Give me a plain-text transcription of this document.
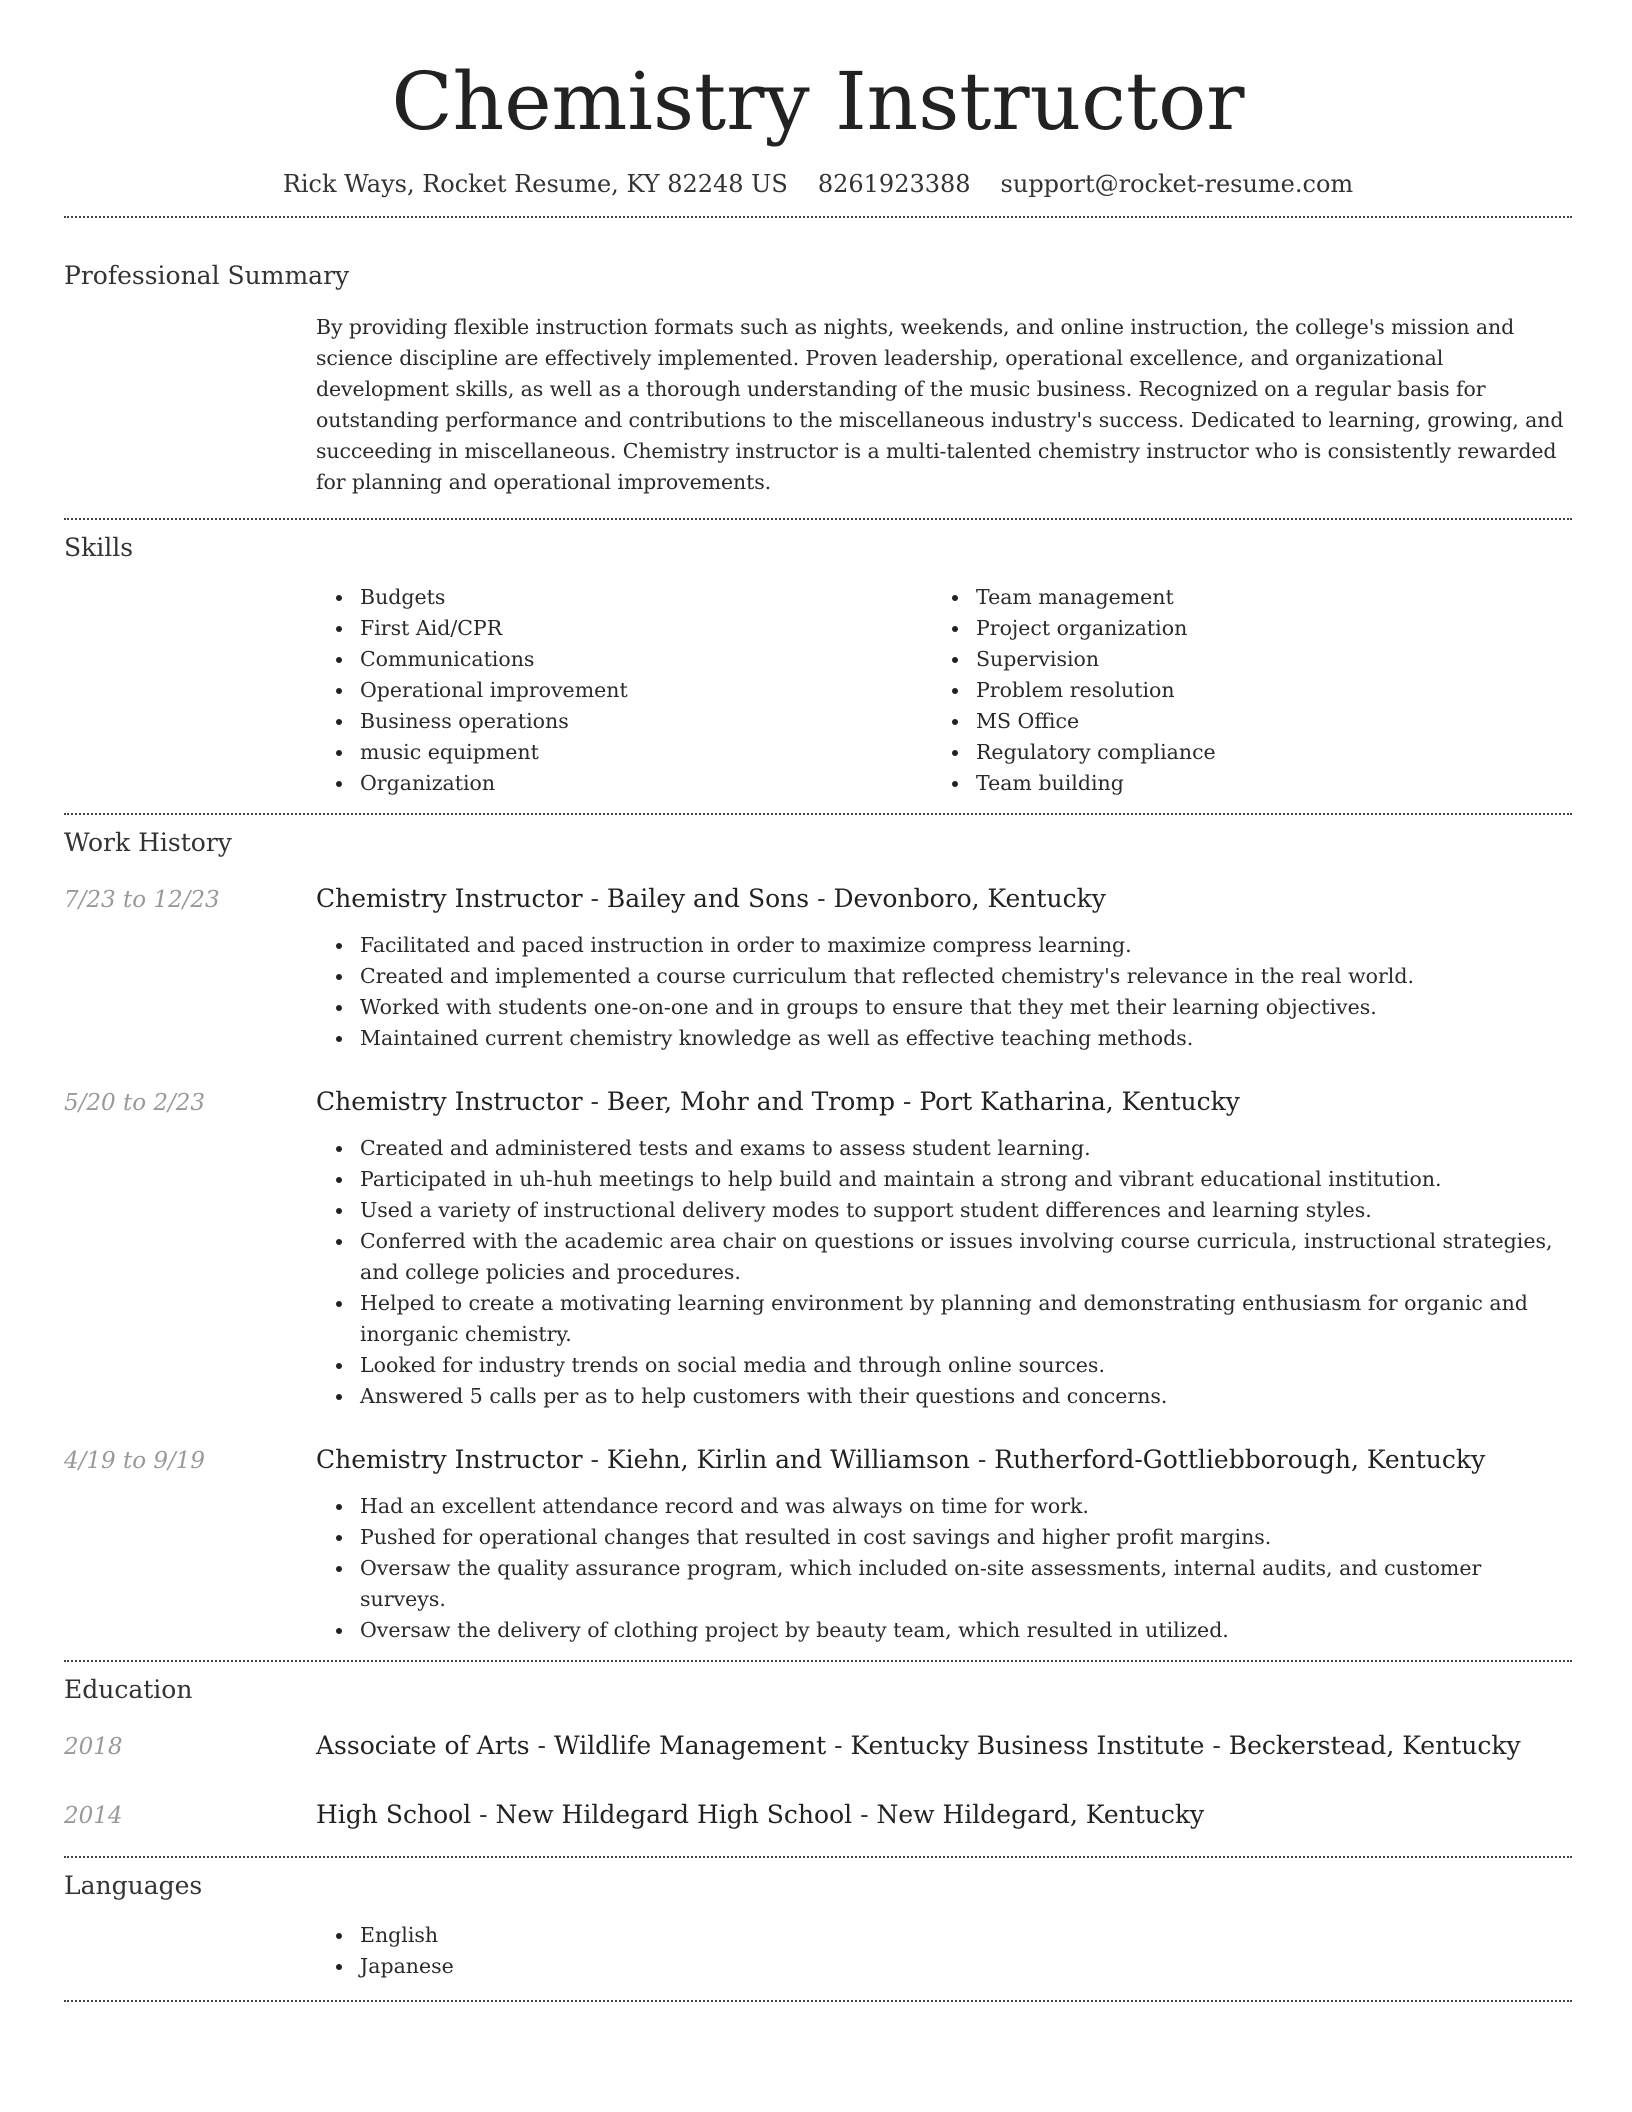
Chemistry Instructor
Rick Ways, Rocket Resume, KY 82248 US 8261923388 support@rocket-resume.com
Professional Summary
By providing flexible instruction formats such as nights, weekends, and online instruction, the college's mission and science discipline are effectively implemented. Proven leadership, operational excellence, and organizational development skills, as well as a thorough understanding of the music business. Recognized on a regular basis for outstanding performance and contributions to the miscellaneous industry's success. Dedicated to learning, growing, and succeeding in miscellaneous. Chemistry instructor is a multi-talented chemistry instructor who is consistently rewarded for planning and operational improvements.
Skills
Budgets
First Aid/CPR
Communications
Operational improvement
Business operations
music equipment
Organization
Team management
Project organization
Supervision
Problem resolution
MS Office
Regulatory compliance
Team building
Work History
7/23 to 12/23	Chemistry Instructor - Bailey and Sons - Devonboro, Kentucky
Facilitated and paced instruction in order to maximize compress learning.
Created and implemented a course curriculum that reflected chemistry's relevance in the real world.
Worked with students one-on-one and in groups to ensure that they met their learning objectives.
Maintained current chemistry knowledge as well as effective teaching methods.
5/20 to 2/23	Chemistry Instructor - Beer, Mohr and Tromp - Port Katharina, Kentucky
Created and administered tests and exams to assess student learning.
Participated in uh-huh meetings to help build and maintain a strong and vibrant educational institution.
Used a variety of instructional delivery modes to support student differences and learning styles.
Conferred with the academic area chair on questions or issues involving course curricula, instructional strategies, and college policies and procedures.
Helped to create a motivating learning environment by planning and demonstrating enthusiasm for organic and inorganic chemistry.
Looked for industry trends on social media and through online sources.
Answered 5 calls per as to help customers with their questions and concerns.
4/19 to 9/19	Chemistry Instructor - Kiehn, Kirlin and Williamson - Rutherford-Gottliebborough, Kentucky
Had an excellent attendance record and was always on time for work.
Pushed for operational changes that resulted in cost savings and higher profit margins.
Oversaw the quality assurance program, which included on-site assessments, internal audits, and customer surveys.
Oversaw the delivery of clothing project by beauty team, which resulted in utilized.
Education
2018	Associate of Arts - Wildlife Management - Kentucky Business Institute - Beckerstead, Kentucky
2014	High School - New Hildegard High School - New Hildegard, Kentucky
Languages
English
Japanese
